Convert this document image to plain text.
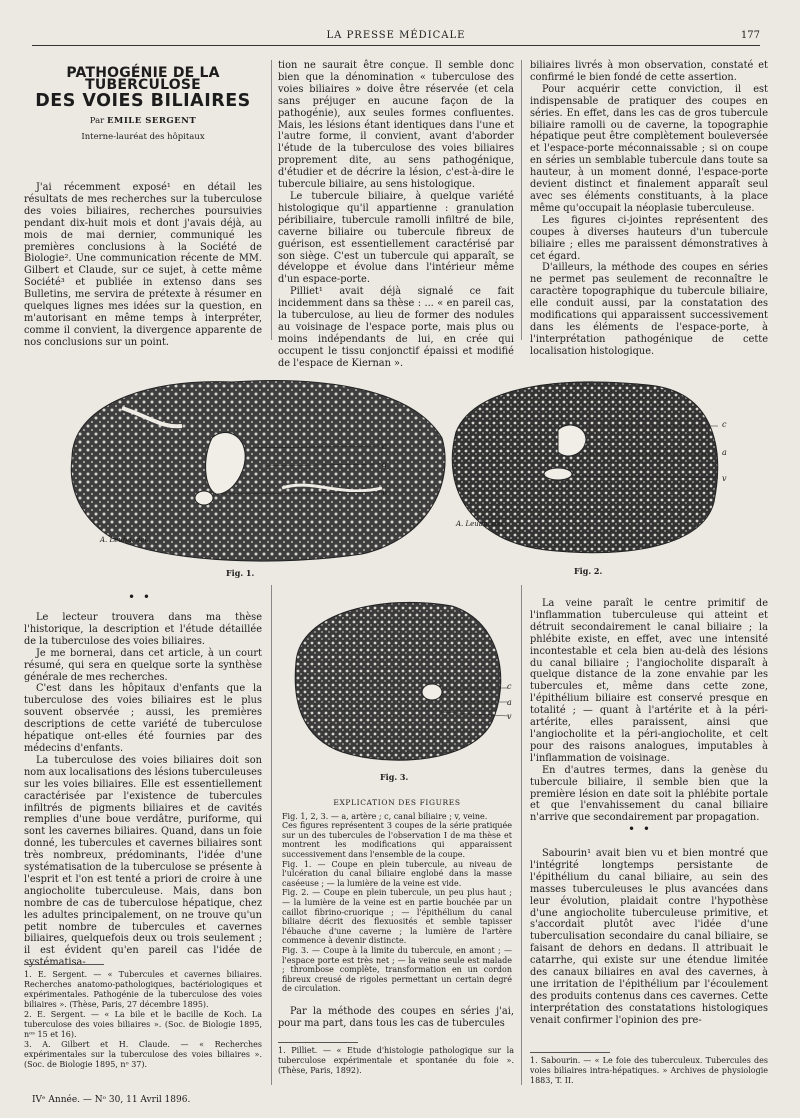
LA PRESSE MÉDICALE	177
PATHOGÉNIE DE LA TUBERCULOSE
DES VOIES BILIAIRES
Par EMILE SERGENT
Interne-lauréat des hôpitaux

J'ai récemment exposé¹ en détail les résultats de mes recherches sur la tuberculose des voies biliaires, recherches poursuivies pendant dix-huit mois et dont j'avais déjà, au mois de mai dernier, communiqué les premières conclusions à la Société de Biologie². Une communication récente de MM. Gilbert et Claude, sur ce sujet, à cette même Société³ et publiée in extenso dans ses Bulletins, me servira de prétexte à résumer en quelques lignes mes idées sur la question, en m'autorisant en même temps à interpréter, comme il convient, la divergence apparente de nos conclusions sur un point.

tion ne saurait être conçue. Il semble donc bien que la dénomination « tuberculose des voies biliaires » doive être réservée (et cela sans préjuger en aucune façon de la pathogénie), aux seules formes confluentes. Mais, les lésions étant identiques dans l'une et l'autre forme, il convient, avant d'aborder l'étude de la tuberculose des voies biliaires proprement dite, au sens pathogénique, d'étudier et de décrire la lésion, c'est-à-dire le tubercule biliaire, au sens histologique.

Le tubercule biliaire, à quelque variété histologique qu'il appartienne : granulation péribiliaire, tubercule ramolli infiltré de bile, caverne biliaire ou tubercule fibreux de guérison, est essentiellement caractérisé par son siège. C'est un tubercule qui apparaît, se développe et évolue dans l'intérieur même d'un espace-porte.

Pilliet¹ avait déjà signalé ce fait incidemment dans sa thèse : ... « en pareil cas, la tuberculose, au lieu de former des nodules au voisinage de l'espace porte, mais plus ou moins indépendants de lui, en crée qui occupent le tissu conjonctif épaissi et modifié de l'espace de Kiernan ».

biliaires livrés à mon observation, constaté et confirmé le bien fondé de cette assertion.

Pour acquérir cette conviction, il est indispensable de pratiquer des coupes en séries. En effet, dans les cas de gros tubercule biliaire ramolli ou de caverne, la topographie hépatique peut être complètement bouleversée et l'espace-porte méconnaissable ; si on coupe en séries un semblable tubercule dans toute sa hauteur, à un moment donné, l'espace-porte devient distinct et finalement apparaît seul avec ses éléments constituants, à la place même qu'occupait la néoplasie tuberculeuse.

Les figures ci-jointes représentent des coupes à diverses hauteurs d'un tubercule biliaire ; elles me paraissent démonstratives à cet égard.

D'ailleurs, la méthode des coupes en séries ne permet pas seulement de reconnaître le caractère topographique du tubercule biliaire, elle conduit aussi, par la constatation des modifications qui apparaissent successivement dans les éléments de l'espace-porte, à l'interprétation pathogénique de cette localisation histologique.

c
a
v
A. Leuba. del.
Fig. 1.
c
a
v
A. Leuba. del.
Fig. 2.
• •

Le lecteur trouvera dans ma thèse l'historique, la description et l'étude détaillée de la tuberculose des voies biliaires.

Je me bornerai, dans cet article, à un court résumé, qui sera en quelque sorte la synthèse générale de mes recherches.

C'est dans les hôpitaux d'enfants que la tuberculose des voies biliaires est le plus souvent observée ; aussi, les premières descriptions de cette variété de tuberculose hépatique ont-elles été fournies par des médecins d'enfants.

La tuberculose des voies biliaires doit son nom aux localisations des lésions tuberculeuses sur les voies biliaires. Elle est essentiellement caractérisée par l'existence de tubercules infiltrés de pigments biliaires et de cavités remplies d'une boue verdâtre, puriforme, qui sont les cavernes biliaires. Quand, dans un foie donné, les tubercules et cavernes biliaires sont très nombreux, prédominants, l'idée d'une systématisation de la tuberculose se présente à l'esprit et l'on est tenté a priori de croire à une angiocholite tuberculeuse. Mais, dans bon nombre de cas de tuberculose hépatique, chez les adultes principalement, on ne trouve qu'un petit nombre de tubercules et cavernes biliaires, quelquefois deux ou trois seulement ; il est évident qu'en pareil cas l'idée de systématisa-

1. E. Sergent. — « Tubercules et cavernes biliaires. Recherches anatomo-pathologiques, bactériologiques et expérimentales. Pathogénie de la tuberculose des voies biliaires ». (Thèse, Paris, 27 décembre 1895).
2. E. Sergent. — « La bile et le bacille de Koch. La tuberculose des voies biliaires ». (Soc. de Biologie 1895, nᵒˢ 15 et 16).
3. A. Gilbert et H. Claude. — « Recherches expérimentales sur la tuberculose des voies biliaires ». (Soc. de Biologie 1895, nᵒ 37).
c
a
v
Fig. 3.
EXPLICATION DES FIGURES
Fig. 1, 2, 3. — a, artère ; c, canal biliaire ; v, veine.
Ces figures représentent 3 coupes de la série pratiquée sur un des tubercules de l'observation I de ma thèse et montrent les modifications qui apparaissent successivement dans l'ensemble de la coupe.
Fig. 1. — Coupe en plein tubercule, au niveau de l'ulcération du canal biliaire englobé dans la masse caséeuse ; — la lumière de la veine est vide.
Fig. 2. — Coupe en plein tubercule, un peu plus haut ; — la lumière de la veine est en partie bouchée par un caillot fibrino-cruorique ; — l'épithélium du canal biliaire décrit des flexuosités et semble tapisser l'ébauche d'une caverne ; la lumière de l'artère commence à devenir distincte.
Fig. 3. — Coupe à la limite du tubercule, en amont ; — l'espace porte est très net ; — la veine seule est malade ; thrombose complète, transformation en un cordon fibreux creusé de rigoles permettant un certain degré de circulation.

Par la méthode des coupes en séries j'ai, pour ma part, dans tous les cas de tubercules

1. Pilliet. — « Etude d'histologie pathologique sur la tuberculose expérimentale et spontanée du foie ». (Thèse, Paris, 1892).

La veine paraît le centre primitif de l'inflammation tuberculeuse qui atteint et détruit secondairement le canal biliaire ; la phlébite existe, en effet, avec une intensité incontestable et cela bien au-delà des lésions du canal biliaire ; l'angiocholite disparaît à quelque distance de la zone envahie par les tubercules et, même dans cette zone, l'épithélium biliaire est conservé presque en totalité ; — quant à l'artérite et à la péri-artérite, elles paraissent, ainsi que l'angiocholite et la péri-angiocholite, et celt pour des raisons analogues, imputables à l'inflammation de voisinage.

En d'autres termes, dans la genèse du tubercule biliaire, il semble bien que la première lésion en date soit la phlébite portale et que l'envahissement du canal biliaire n'arrive que secondairement par propagation.

• •

Sabourin¹ avait bien vu et bien montré que l'intégrité longtemps persistante de l'épithélium du canal biliaire, au sein des masses tuberculeuses le plus avancées dans leur évolution, plaidait contre l'hypothèse d'une angiocholite tuberculeuse primitive, et s'accordait plutôt avec l'idée d'une tuberculisation secondaire du canal biliaire, se faisant de dehors en dedans. Il attribuait le catarrhe, qui existe sur une étendue limitée des canaux biliaires en aval des cavernes, à une irritation de l'épithélium par l'écoulement des produits contenus dans ces cavernes. Cette interprétation des constatations histologiques venait confirmer l'opinion des pre-

1. Sabourin. — « Le foie des tuberculeux. Tubercules des voies biliaires intra-hépatiques. » Archives de physiologie 1883, T. II.
IVᵉ Année. — Nᵒ 30, 11 Avril 1896.
